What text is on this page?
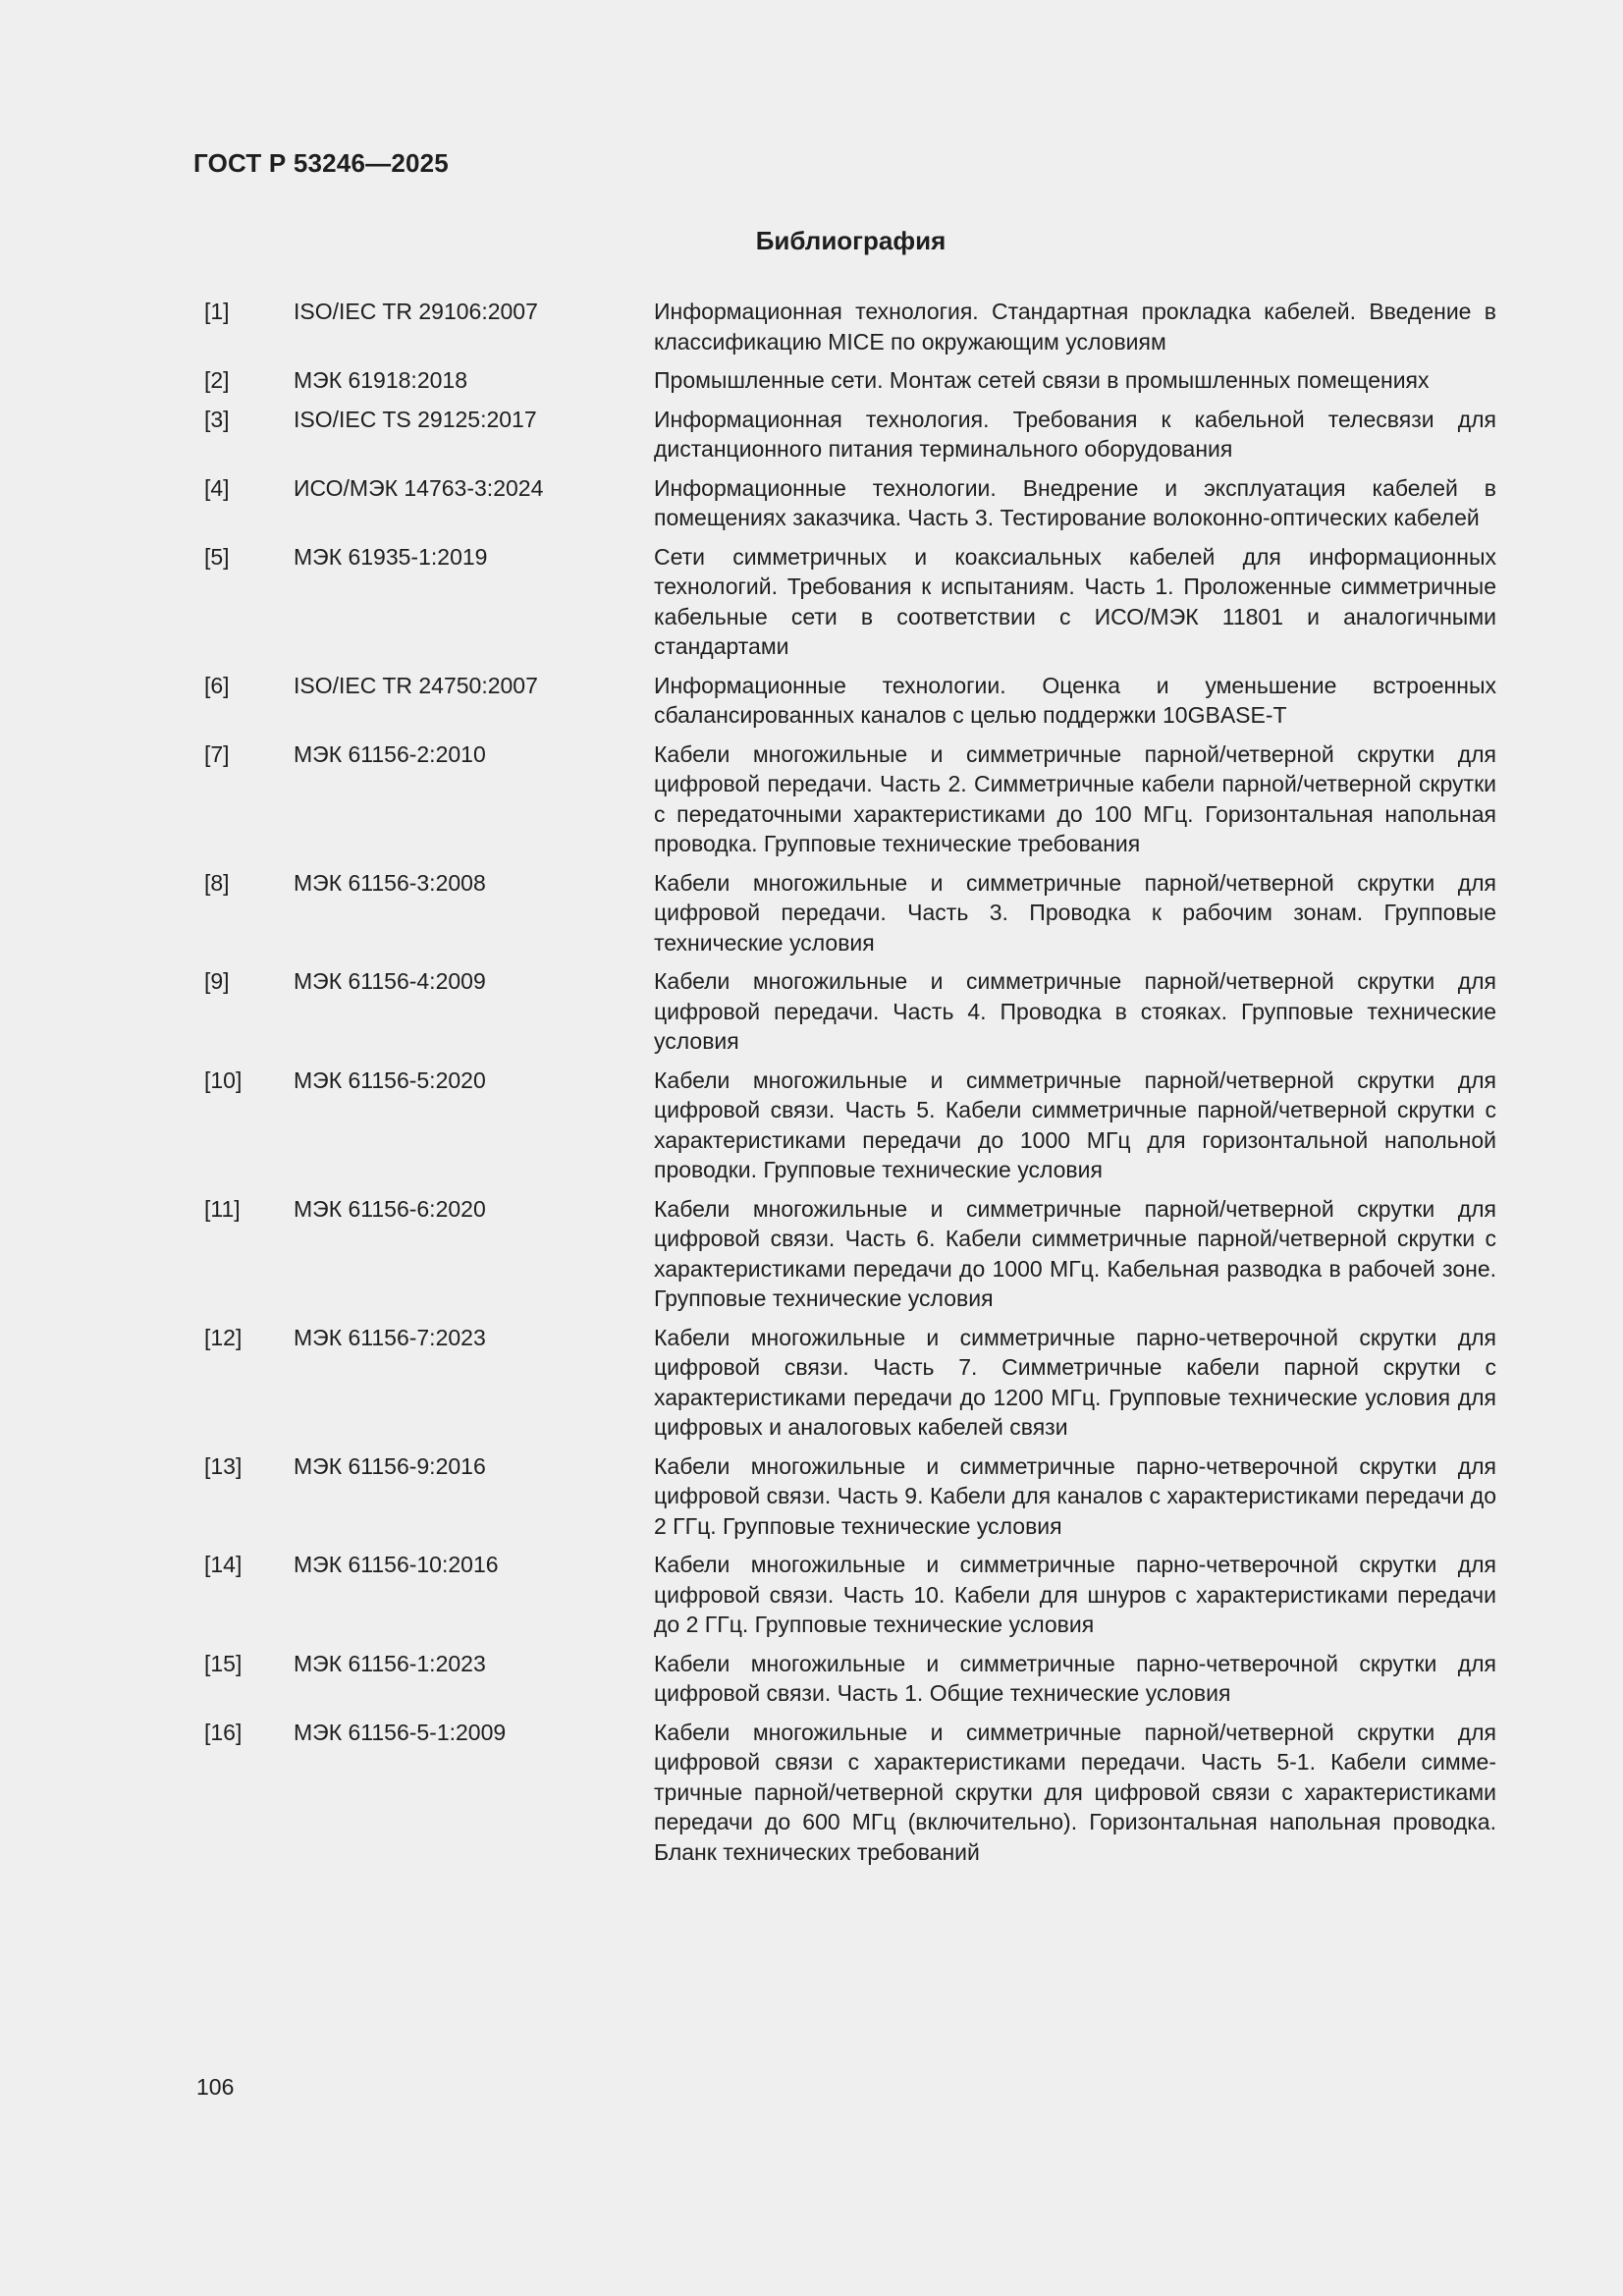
ГОСТ Р 53246—2025
Библиография
[1]	ISO/IEC TR 29106:2007	Информационная технология. Стандартная прокладка кабелей. Введение в классификацию MICE по окружающим условиям
[2]	МЭК 61918:2018	Промышленные сети. Монтаж сетей связи в промышленных помещениях
[3]	ISO/IEC TS 29125:2017	Информационная технология. Требования к кабельной телесвязи для дистанционного питания терминального оборудования
[4]	ИСО/МЭК 14763-3:2024	Информационные технологии. Внедрение и эксплуатация кабелей в помещениях заказчика. Часть 3. Тестирование волоконно-оптических кабелей
[5]	МЭК 61935-1:2019	Сети симметричных и коаксиальных кабелей для информационных технологий. Требования к испытаниям. Часть 1. Проложенные симметричные кабельные сети в соответствии с ИСО/МЭК 11801 и аналогичными стандартами
[6]	ISO/IEC TR 24750:2007	Информационные технологии. Оценка и уменьшение встроенных сбалансированных каналов с целью поддержки 10GBASE-T
[7]	МЭК 61156-2:2010	Кабели многожильные и симметричные парной/четверной скрутки для цифровой передачи. Часть 2. Симметричные кабели парной/четверной скрутки с передаточными характеристиками до 100 МГц. Горизонтальная напольная проводка. Групповые технические требования
[8]	МЭК 61156-3:2008	Кабели многожильные и симметричные парной/четверной скрутки для цифровой передачи. Часть 3. Проводка к рабочим зонам. Групповые технические условия
[9]	МЭК 61156-4:2009	Кабели многожильные и симметричные парной/четверной скрутки для цифровой передачи. Часть 4. Проводка в стояках. Групповые технические условия
[10]	МЭК 61156-5:2020	Кабели многожильные и симметричные парной/четверной скрутки для цифровой связи. Часть 5. Кабели симметричные парной/четверной скрутки с характеристиками передачи до 1000 МГц для горизонтальной напольной проводки. Групповые технические условия
[11]	МЭК 61156-6:2020	Кабели многожильные и симметричные парной/четверной скрутки для цифровой связи. Часть 6. Кабели симметричные парной/четверной скрутки с характеристиками передачи до 1000 МГц. Кабельная разводка в рабочей зоне. Групповые технические условия
[12]	МЭК 61156-7:2023	Кабели многожильные и симметричные парно-четверочной скрутки для цифровой связи. Часть 7. Симметричные кабели парной скрутки с характеристиками передачи до 1200 МГц. Групповые технические условия для цифровых и аналоговых кабелей связи
[13]	МЭК 61156-9:2016	Кабели многожильные и симметричные парно-четверочной скрутки для цифровой связи. Часть 9. Кабели для каналов с характеристиками передачи до 2 ГГц. Групповые технические условия
[14]	МЭК 61156-10:2016	Кабели многожильные и симметричные парно-четверочной скрутки для цифровой связи. Часть 10. Кабели для шнуров с характеристиками передачи до 2 ГГц. Групповые технические условия
[15]	МЭК 61156-1:2023	Кабели многожильные и симметричные парно-четверочной скрутки для цифровой связи. Часть 1. Общие технические условия
[16]	МЭК 61156-5-1:2009	Кабели многожильные и симметричные парной/четверной скрутки для цифровой связи с характеристиками передачи. Часть 5-1. Кабели симметричные парной/четверной скрутки для цифровой связи с характеристиками передачи до 600 МГц (включительно). Горизонтальная напольная проводка. Бланк технических требований
106
